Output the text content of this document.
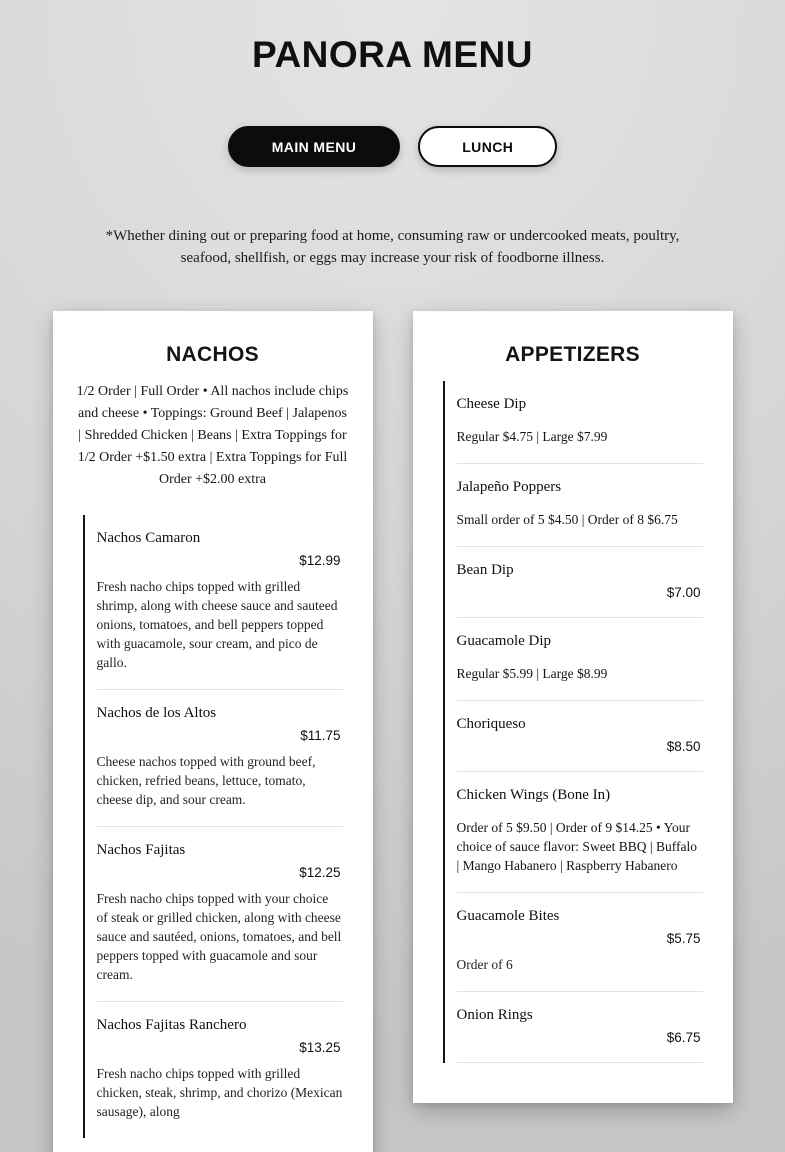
PANORA MENU
MAIN MENU	LUNCH

*Whether dining out or preparing food at home, consuming raw or undercooked meats, poultry, seafood, shellfish, or eggs may increase your risk of foodborne illness.

NACHOS

1/2 Order | Full Order • All nachos include chips and cheese • Toppings: Ground Beef | Jalapenos | Shredded Chicken | Beans | Extra Toppings for 1/2 Order +$1.50 extra | Extra Toppings for Full Order +$2.00 extra

Nachos Camaron
$12.99
Fresh nacho chips topped with grilled shrimp, along with cheese sauce and sauteed onions, tomatoes, and bell peppers topped with guacamole, sour cream, and pico de gallo.
Nachos de los Altos
$11.75
Cheese nachos topped with ground beef, chicken, refried beans, lettuce, tomato, cheese dip, and sour cream.
Nachos Fajitas
$12.25
Fresh nacho chips topped with your choice of steak or grilled chicken, along with cheese sauce and sautéed, onions, tomatoes, and bell peppers topped with guacamole and sour cream.
Nachos Fajitas Ranchero
$13.25
Fresh nacho chips topped with grilled chicken, steak, shrimp, and chorizo (Mexican sausage), along
APPETIZERS
Cheese Dip
Regular $4.75 | Large $7.99
Jalapeño Poppers
Small order of 5 $4.50 | Order of 8 $6.75
Bean Dip
$7.00
Guacamole Dip
Regular $5.99 | Large $8.99
Choriqueso
$8.50
Chicken Wings (Bone In)
Order of 5 $9.50 | Order of 9 $14.25 • Your choice of sauce flavor: Sweet BBQ | Buffalo | Mango Habanero | Raspberry Habanero
Guacamole Bites
$5.75
Order of 6
Onion Rings
$6.75
